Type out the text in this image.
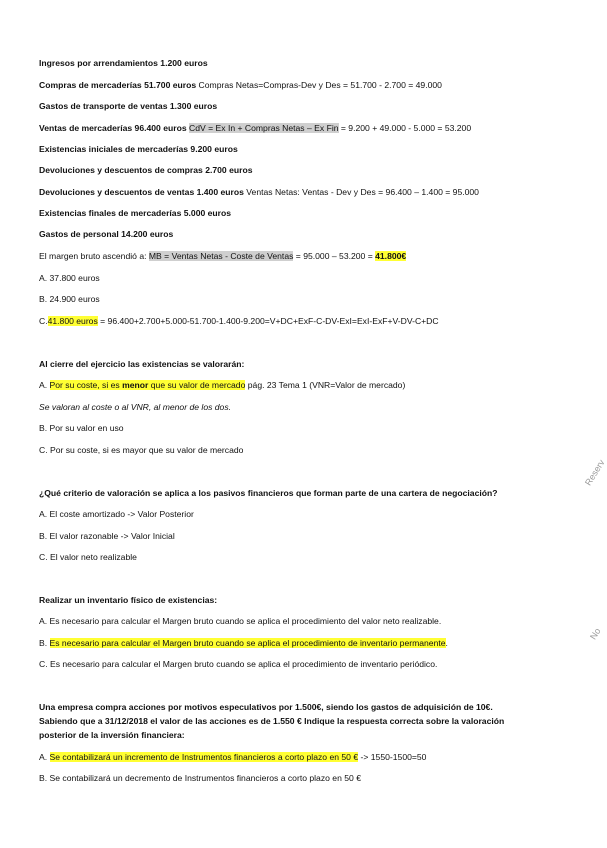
Ingresos por arrendamientos 1.200 euros
Compras de mercaderías 51.700 euros Compras Netas=Compras-Dev y Des = 51.700 - 2.700 = 49.000
Gastos de transporte de ventas 1.300 euros
Ventas de mercaderías 96.400 euros CdV = Ex In + Compras Netas – Ex Fin = 9.200 + 49.000 - 5.000 = 53.200
Existencias iniciales de mercaderías 9.200 euros
Devoluciones y descuentos de compras 2.700 euros
Devoluciones y descuentos de ventas 1.400 euros Ventas Netas: Ventas - Dev y Des = 96.400 – 1.400 = 95.000
Existencias finales de mercaderías 5.000 euros
Gastos de personal 14.200 euros
El margen bruto ascendió a: MB = Ventas Netas - Coste de Ventas = 95.000 – 53.200 = 41.800€
A. 37.800 euros
B. 24.900 euros
C.41.800 euros = 96.400+2.700+5.000-51.700-1.400-9.200=V+DC+ExF-C-DV-ExI=ExI-ExF+V-DV-C+DC
Al cierre del ejercicio las existencias se valorarán:
A. Por su coste, si es menor que su valor de mercado pág. 23 Tema 1 (VNR=Valor de mercado)
Se valoran al coste o al VNR, al menor de los dos.
B. Por su valor en uso
C. Por su coste, si es mayor que su valor de mercado
¿Qué criterio de valoración se aplica a los pasivos financieros que forman parte de una cartera de negociación?
A. El coste amortizado -> Valor Posterior
B. El valor razonable -> Valor Inicial
C. El valor neto realizable
Realizar un inventario físico de existencias:
A. Es necesario para calcular el Margen bruto cuando se aplica el procedimiento del valor neto realizable.
B. Es necesario para calcular el Margen bruto cuando se aplica el procedimiento de inventario permanente.
C. Es necesario para calcular el Margen bruto cuando se aplica el procedimiento de inventario periódico.
Una empresa compra acciones por motivos especulativos por 1.500€, siendo los gastos de adquisición de 10€.
Sabiendo que a 31/12/2018 el valor de las acciones es de 1.550 € Indique la respuesta correcta sobre la valoración
posterior de la inversión financiera:
A. Se contabilizará un incremento de Instrumentos financieros a corto plazo en 50 € -> 1550-1500=50
B. Se contabilizará un decremento de Instrumentos financieros a corto plazo en 50 €
Reserv
No
